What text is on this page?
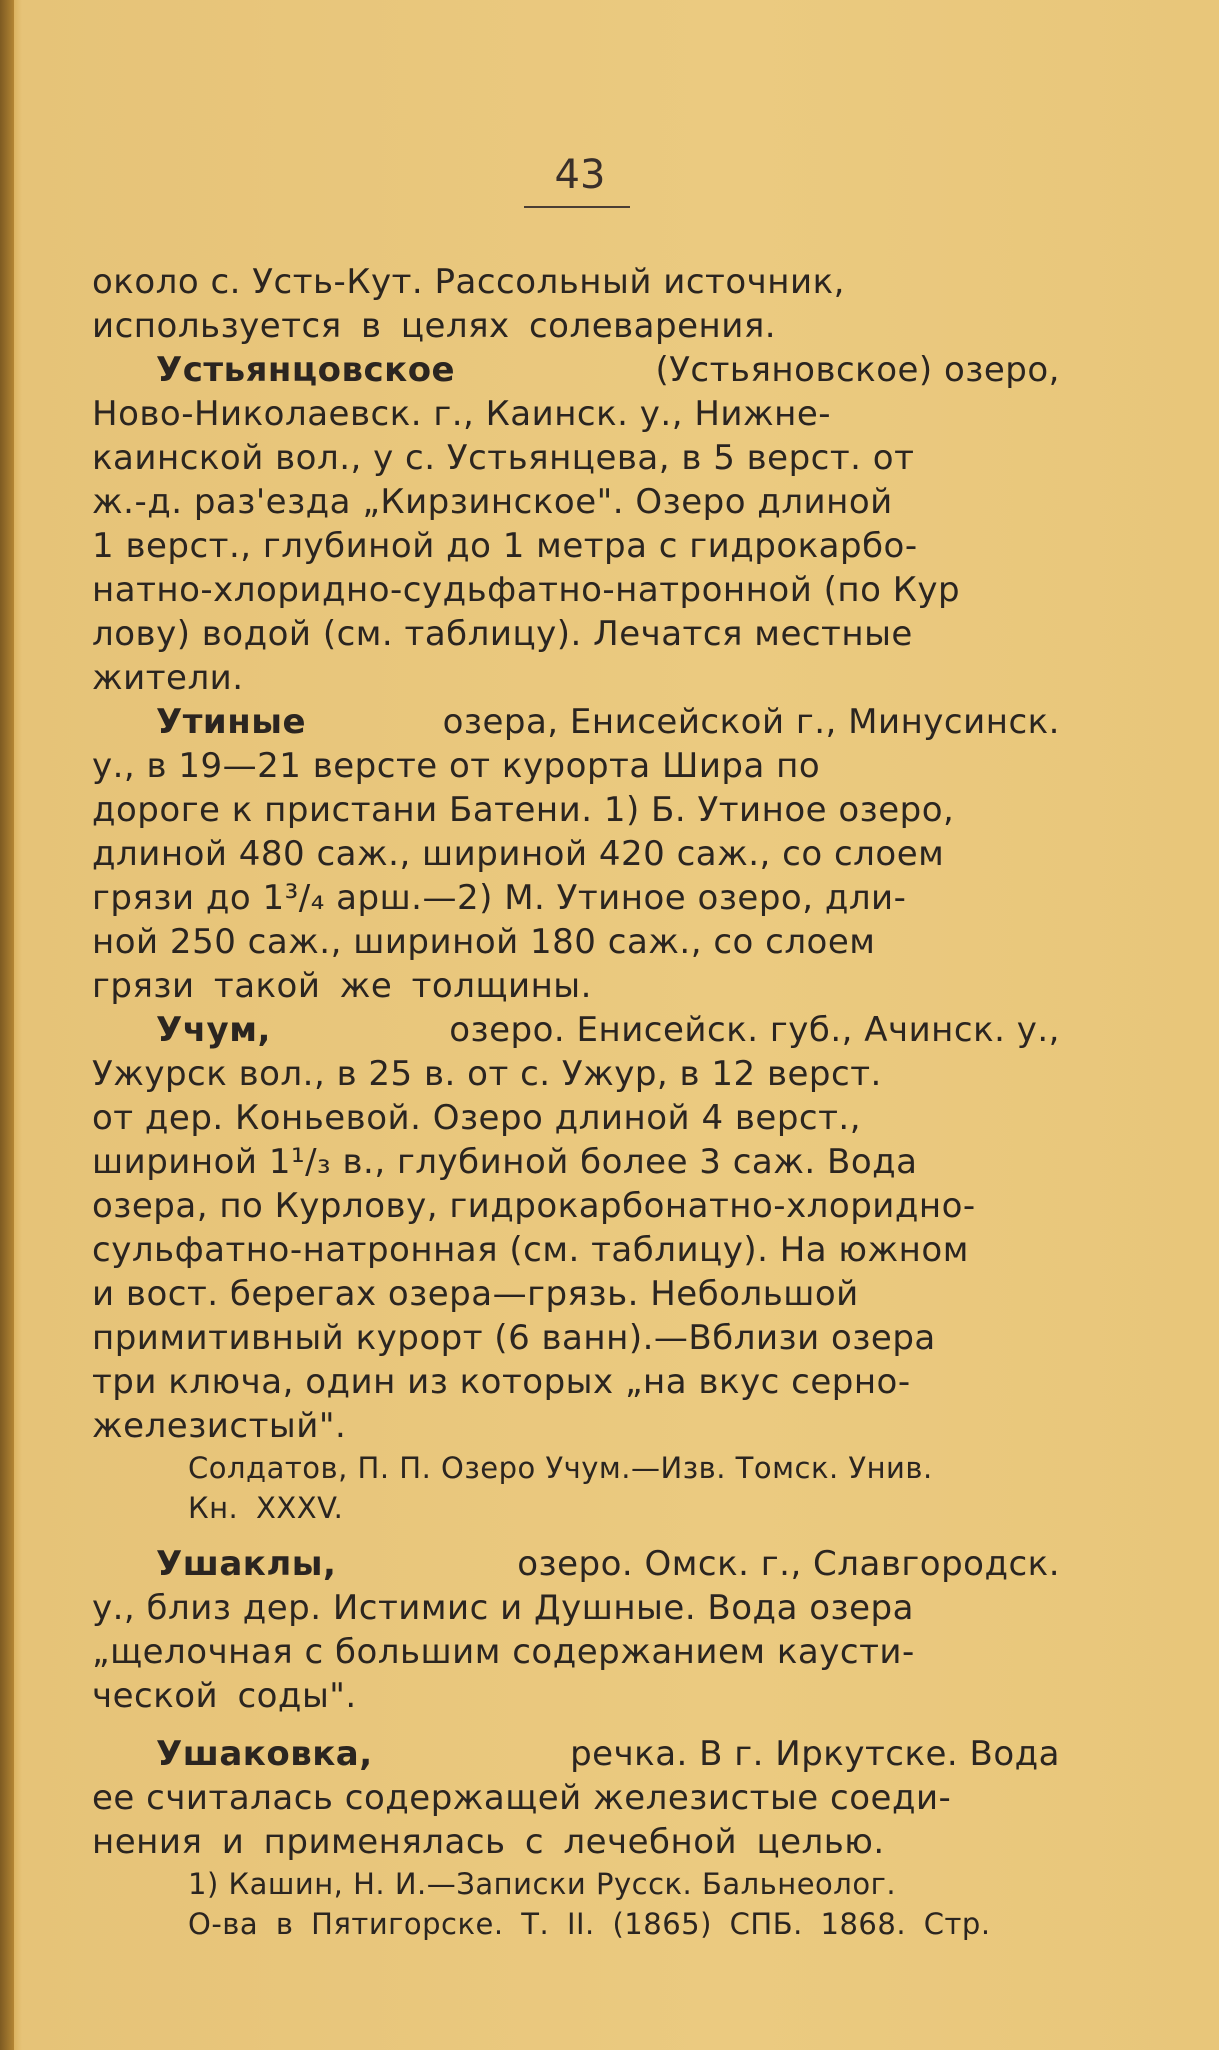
43
около с. Усть-Кут. Рассольный источник,
используется в целях солеварения.
Устьянцовское	(Устьяновское) озеро,
Ново-Николаевск. г., Каинск. у., Нижне-
каинской вол., у с. Устьянцева, в 5 верст. от
ж.-д. раз'езда „Кирзинское". Озеро длиной
1 верст., глубиной до 1 метра с гидрокарбо-
натно-хлоридно-судьфатно-натронной (по Кур
лову) водой (см. таблицу). Лечатся местные
жители.
Утиные	озера, Енисейской г., Минусинск.
у., в 19—21 версте от курорта Шира по
дороге к пристани Батени. 1) Б. Утиное озеро,
длиной 480 саж., шириной 420 саж., со слоем
грязи до 1³/₄ арш.—2) М. Утиное озеро, дли-
ной 250 саж., шириной 180 саж., со слоем
грязи такой же толщины.
Учум,	озеро. Енисейск. губ., Ачинск. у.,
Ужурск вол., в 25 в. от с. Ужур, в 12 верст.
от дер. Коньевой. Озеро длиной 4 верст.,
шириной 1¹/₃ в., глубиной более 3 саж. Вода
озера, по Курлову, гидрокарбонатно-хлоридно-
сульфатно-натронная (см. таблицу). На южном
и вост. берегах озера—грязь. Небольшой
примитивный курорт (6 ванн).—Вблизи озера
три ключа, один из которых „на вкус серно-
железистый".
Солдатов, П. П. Озеро Учум.—Изв. Томск. Унив.
Кн. XXXV.
Ушаклы,	озеро. Омск. г., Славгородск.
у., близ дер. Истимис и Душные. Вода озера
„щелочная с большим содержанием каусти-
ческой соды".
Ушаковка,	речка. В г. Иркутске. Вода
ее считалась содержащей железистые соеди-
нения и применялась с лечебной целью.
1) Кашин, Н. И.—Записки Русск. Бальнеолог.
О-ва в Пятигорске. Т. II. (1865) СПБ. 1868. Стр.
